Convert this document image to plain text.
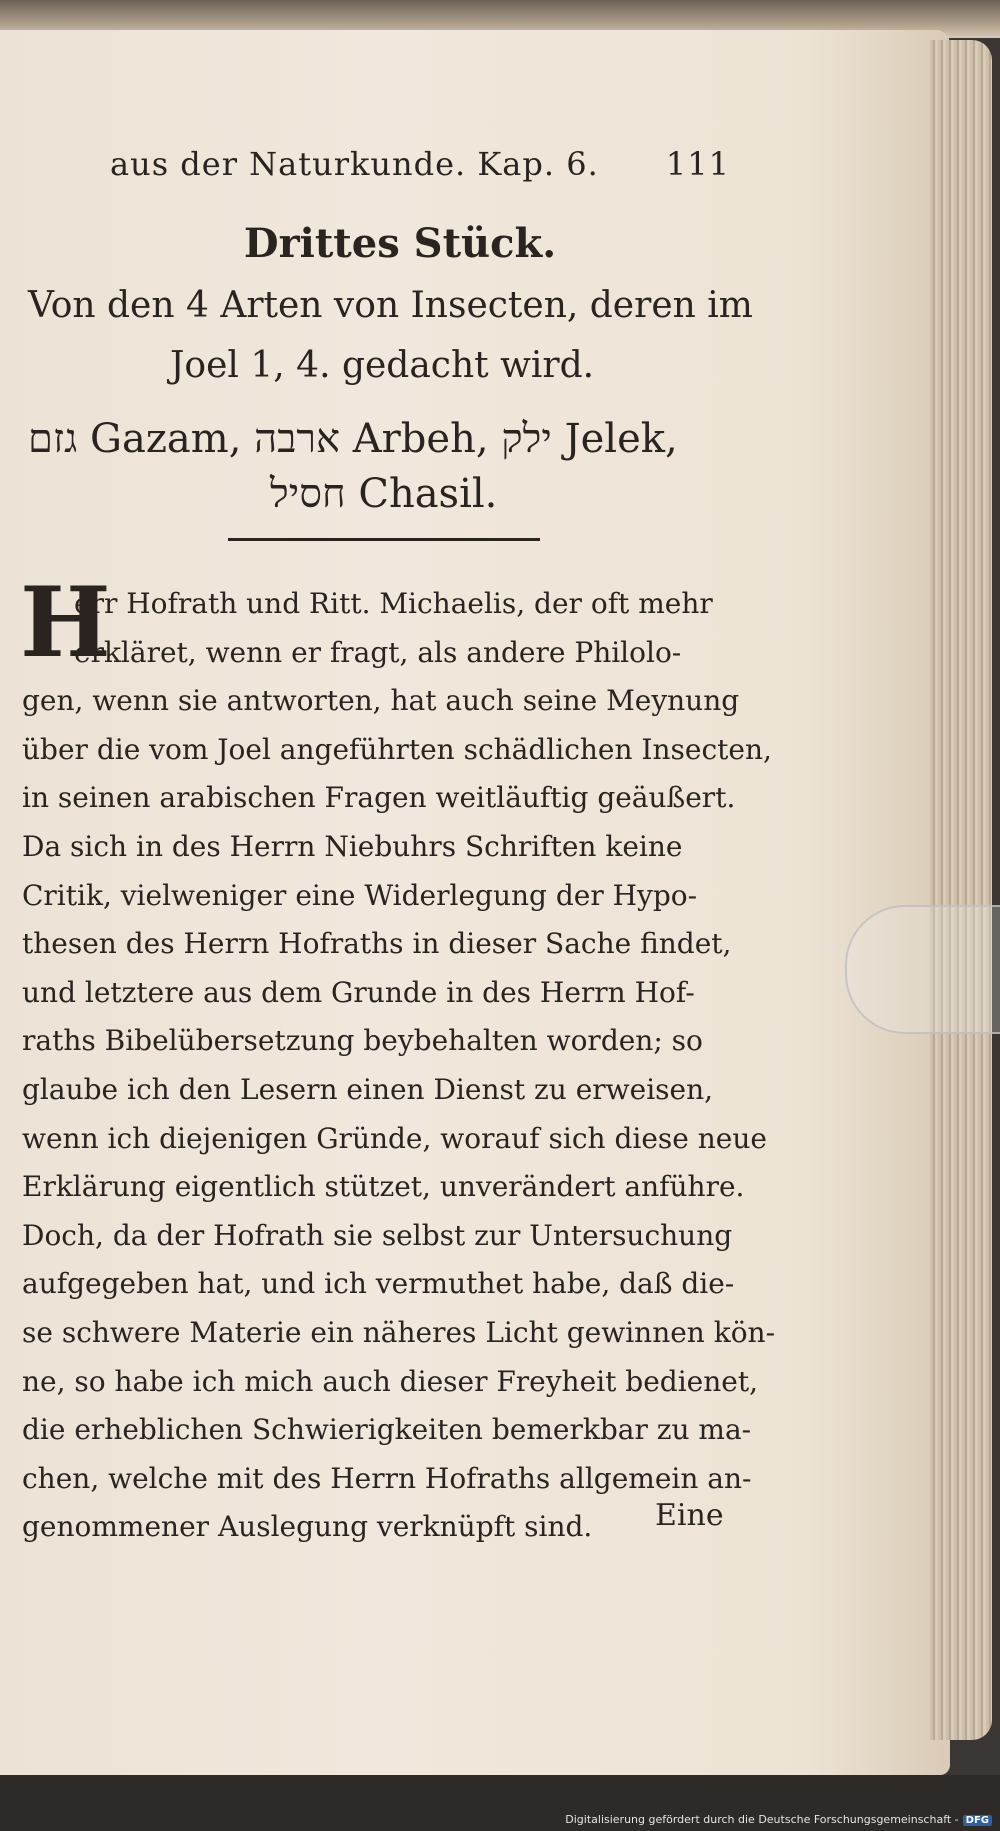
aus der Naturkunde. Kap. 6. 111
Drittes Stück.
Von den 4 Arten von Insecten, deren im
Joel 1, 4. gedacht wird.
גזם Gazam, ארבה Arbeh, ילק Jelek,
חסיל Chasil.
H
err Hofrath und Ritt. Michaelis, der oft mehr
erkläret, wenn er fragt, als andere Philolo-
gen, wenn sie antworten, hat auch seine Meynung
über die vom Joel angeführten schädlichen Insecten,
in seinen arabischen Fragen weitläuftig geäußert.
Da sich in des Herrn Niebuhrs Schriften keine
Critik, vielweniger eine Widerlegung der Hypo-
thesen des Herrn Hofraths in dieser Sache findet,
und letztere aus dem Grunde in des Herrn Hof-
raths Bibelübersetzung beybehalten worden; so
glaube ich den Lesern einen Dienst zu erweisen,
wenn ich diejenigen Gründe, worauf sich diese neue
Erklärung eigentlich stützet, unverändert anführe.
Doch, da der Hofrath sie selbst zur Untersuchung
aufgegeben hat, und ich vermuthet habe, daß die-
se schwere Materie ein näheres Licht gewinnen kön-
ne, so habe ich mich auch dieser Freyheit bedienet,
die erheblichen Schwierigkeiten bemerkbar zu ma-
chen, welche mit des Herrn Hofraths allgemein an-
genommener Auslegung verknüpft sind.	Eine
Digitalisierung gefördert durch die Deutsche Forschungsgemeinschaft - DFG
